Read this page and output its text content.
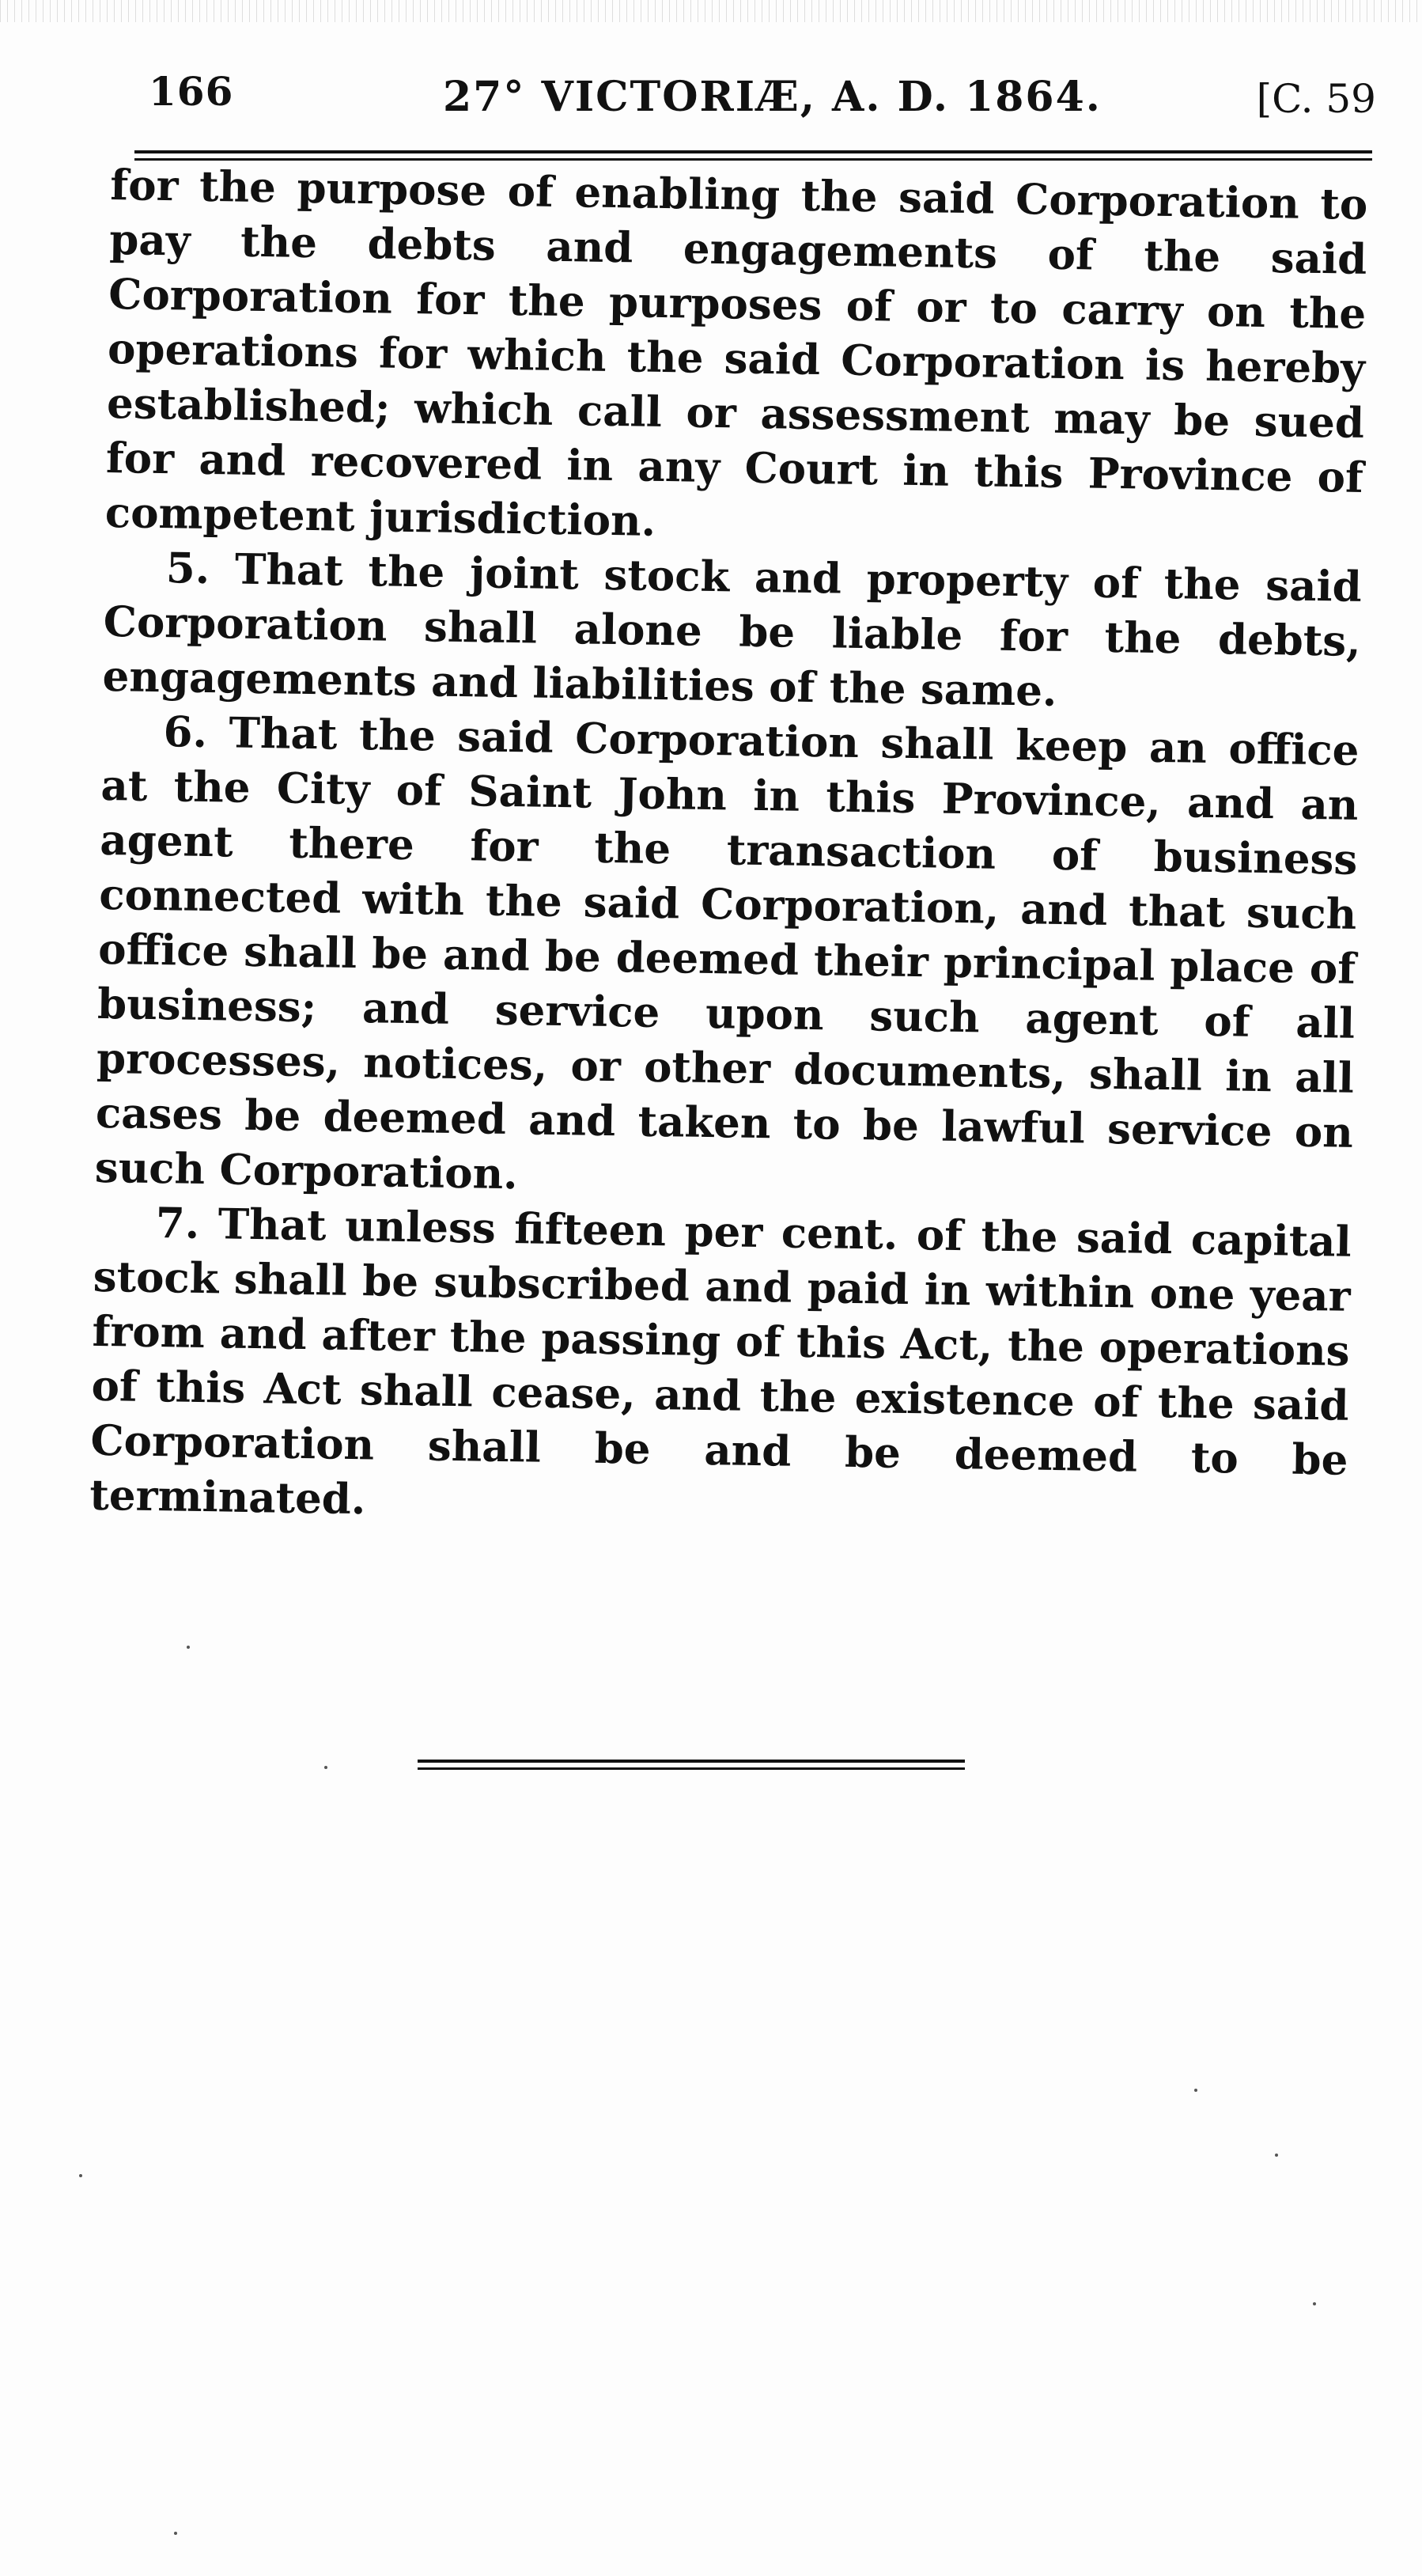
166	27° VICTORIÆ, A. D. 1864.	[C. 59

for the purpose of enabling the said Corporation to pay the debts and engagements of the said Corporation for the purposes of or to carry on the operations for which the said Corporation is hereby established; which call or assessment may be sued for and recovered in any Court in this Province of competent jurisdiction.

5. That the joint stock and property of the said Corporation shall alone be liable for the debts, engagements and liabilities of the same.

6. That the said Corporation shall keep an office at the City of Saint John in this Province, and an agent there for the transaction of business connected with the said Corporation, and that such office shall be and be deemed their principal place of business; and service upon such agent of all processes, notices, or other documents, shall in all cases be deemed and taken to be lawful service on such Corporation.

7. That unless fifteen per cent. of the said capital stock shall be subscribed and paid in within one year from and after the passing of this Act, the operations of this Act shall cease, and the existence of the said Corporation shall be and be deemed to be terminated.
